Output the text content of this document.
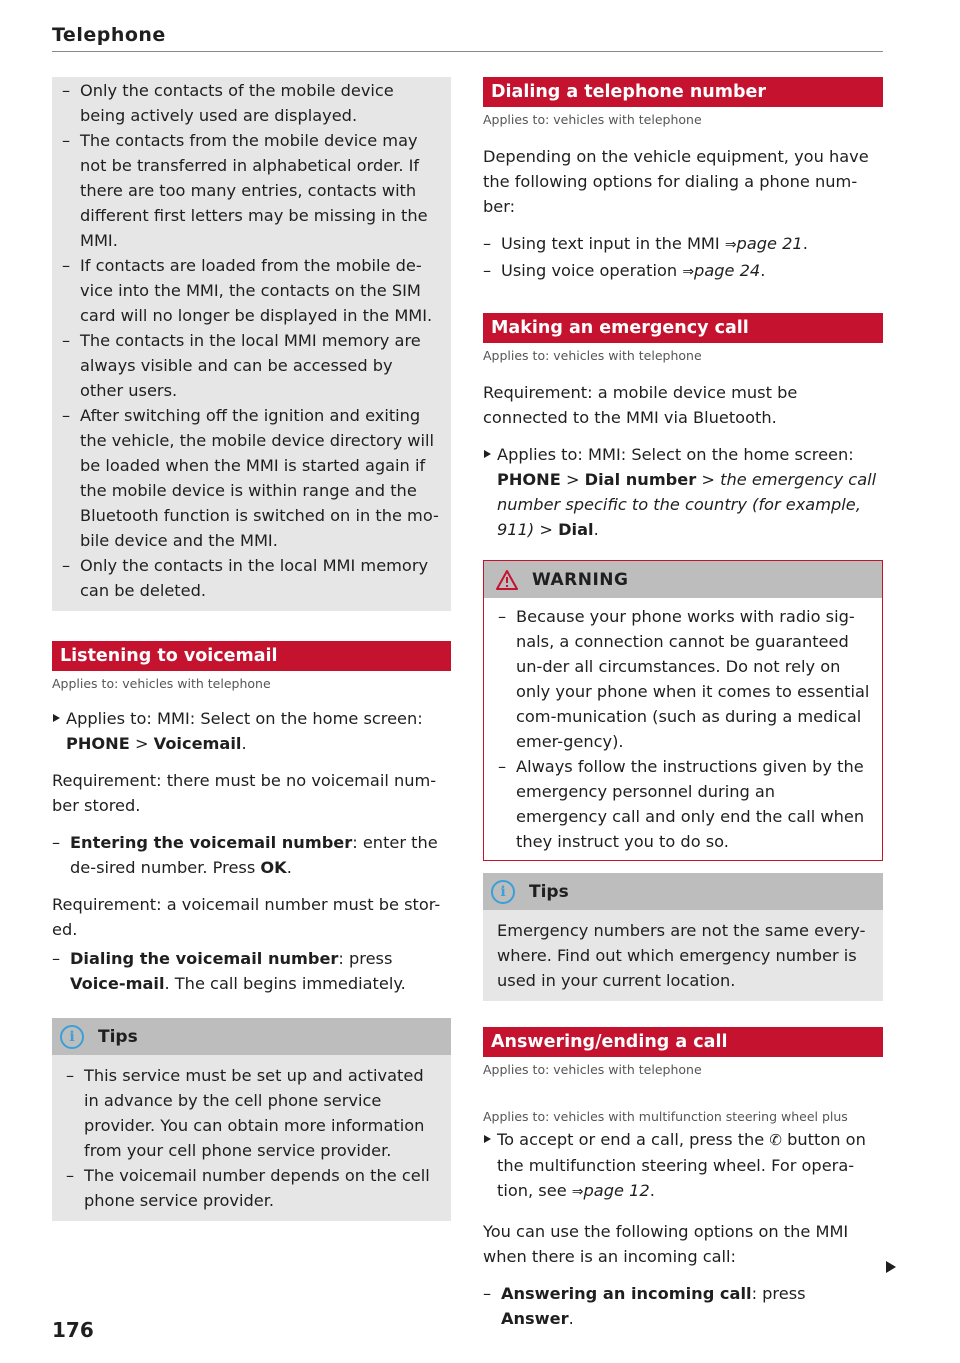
Telephone
– Only the contacts of the mobile device being actively used are displayed.
– The contacts from the mobile device may not be transferred in alphabetical order. If there are too many entries, contacts with different first letters may be missing in the MMI.
– If contacts are loaded from the mobile de-vice into the MMI, the contacts on the SIM card will no longer be displayed in the MMI.
– The contacts in the local MMI memory are always visible and can be accessed by other users.
– After switching off the ignition and exiting the vehicle, the mobile device directory will be loaded when the MMI is started again if the mobile device is within range and the Bluetooth function is switched on in the mo-bile device and the MMI.
– Only the contacts in the local MMI memory can be deleted.
Listening to voicemail
Applies to: vehicles with telephone
Applies to: MMI: Select on the home screen:
PHONE > Voicemail.

Requirement: there must be no voicemail num-ber stored.

– Entering the voicemail number: enter the de-sired number. Press OK.

Requirement: a voicemail number must be stor-ed.

– Dialing the voicemail number: press Voice-mail. The call begins immediately.
i	Tips
– This service must be set up and activated in advance by the cell phone service provider. You can obtain more information from your cell phone service provider.
– The voicemail number depends on the cell phone service provider.
Dialing a telephone number
Applies to: vehicles with telephone

Depending on the vehicle equipment, you have the following options for dialing a phone num-ber:

– Using text input in the MMI ⇒page 21.
– Using voice operation ⇒page 24.
Making an emergency call
Applies to: vehicles with telephone

Requirement: a mobile device must be connected to the MMI via Bluetooth.

Applies to: MMI: Select on the home screen:
PHONE > Dial number > the emergency call number specific to the country (for example, 911) > Dial.
WARNING
– Because your phone works with radio sig-nals, a connection cannot be guaranteed un-der all circumstances. Do not rely on only your phone when it comes to essential com-munication (such as during a medical emer-gency).
– Always follow the instructions given by the emergency personnel during an emergency call and only end the call when they instruct you to do so.
i	Tips

Emergency numbers are not the same every-where. Find out which emergency number is used in your current location.

Answering/ending a call
Applies to: vehicles with telephone
Applies to: vehicles with multifunction steering wheel plus
To accept or end a call, press the ✆ button on the multifunction steering wheel. For opera-tion, see ⇒page 12.

You can use the following options on the MMI when there is an incoming call:

– Answering an incoming call: press Answer.
176
